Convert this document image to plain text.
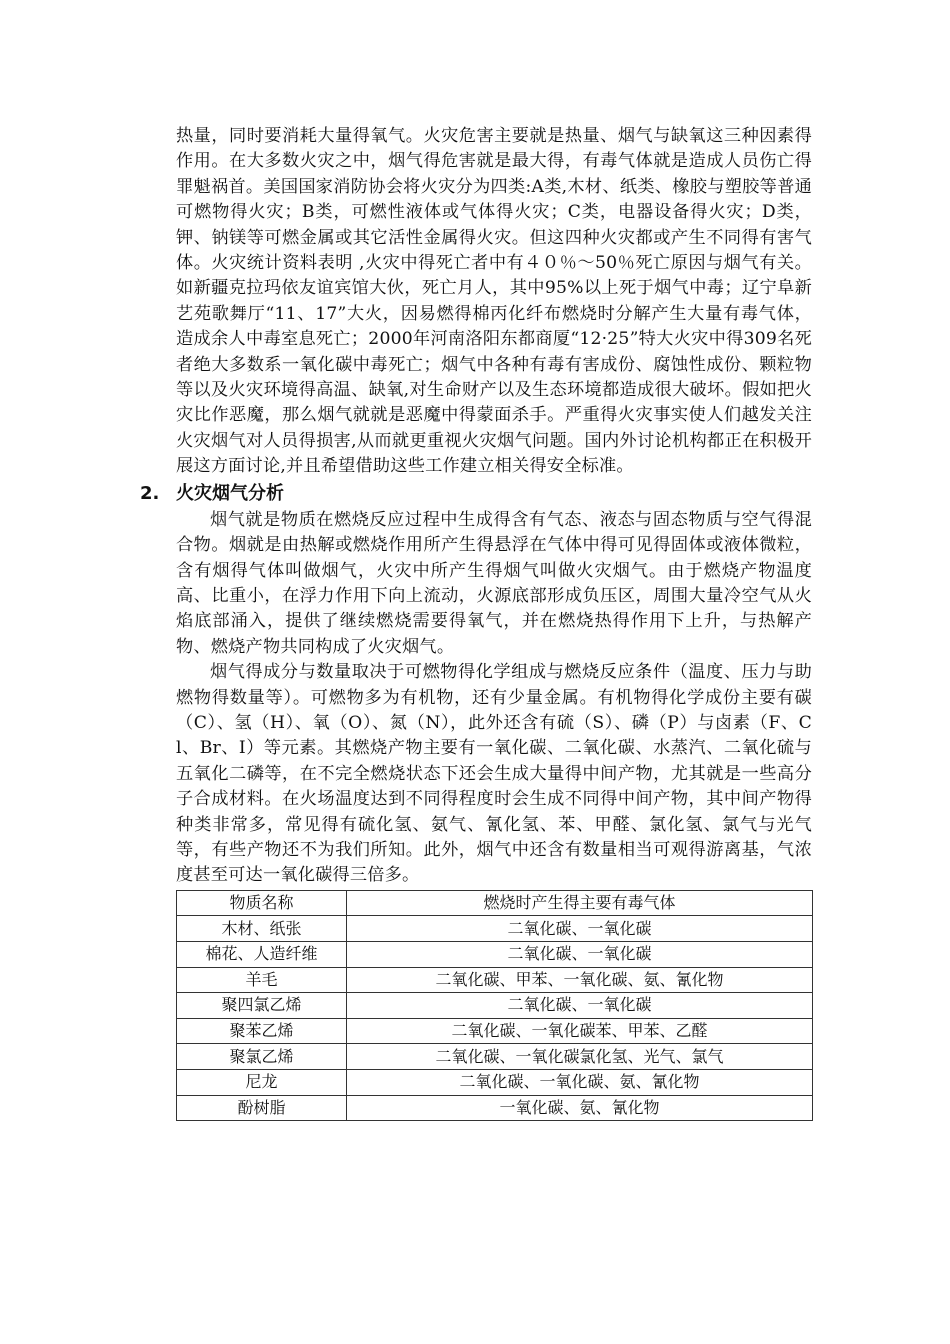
热量，同时要消耗大量得氧气。火灾危害主要就是热量、烟气与缺氧这三种因素得作用。在大多数火灾之中，烟气得危害就是最大得，有毒气体就是造成人员伤亡得罪魁祸首。美国国家消防协会将火灾分为四类:A类,木材、纸类、橡胶与塑胶等普通可燃物得火灾；B类，可燃性液体或气体得火灾；C类，电器设备得火灾；D类，钾、钠镁等可燃金属或其它活性金属得火灾。但这四种火灾都或产生不同得有害气体。火灾统计资料表明 ,火灾中得死亡者中有４０％～50％死亡原因与烟气有关。如新疆克拉玛依友谊宾馆大伙，死亡月人，其中95%以上死于烟气中毒；辽宁阜新艺苑歌舞厅“11、17”大火，因易燃得棉丙化纤布燃烧时分解产生大量有毒气体，造成余人中毒室息死亡；2000年河南洛阳东都商厦“12·25”特大火灾中得309名死者绝大多数系一氧化碳中毒死亡；烟气中各种有毒有害成份、腐蚀性成份、颗粒物等以及火灾环境得高温、缺氧,对生命财产以及生态环境都造成很大破坏。假如把火灾比作恶魔，那么烟气就就是恶魔中得蒙面杀手。严重得火灾事实使人们越发关注火灾烟气对人员得损害,从而就更重视火灾烟气问题。国内外讨论机构都正在积极开展这方面讨论,并且希望借助这些工作建立相关得安全标准。

2. 火灾烟气分析

烟气就是物质在燃烧反应过程中生成得含有气态、液态与固态物质与空气得混合物。烟就是由热解或燃烧作用所产生得悬浮在气体中得可见得固体或液体微粒，含有烟得气体叫做烟气，火灾中所产生得烟气叫做火灾烟气。由于燃烧产物温度高、比重小，在浮力作用下向上流动，火源底部形成负压区，周围大量冷空气从火焰底部涌入，提供了继续燃烧需要得氧气，并在燃烧热得作用下上升，与热解产物、燃烧产物共同构成了火灾烟气。

烟气得成分与数量取决于可燃物得化学组成与燃烧反应条件（温度、压力与助燃物得数量等）。可燃物多为有机物，还有少量金属。有机物得化学成份主要有碳（C）、氢（H）、氧（O）、氮（N），此外还含有硫（S）、磷（P）与卤素（F、Cl、Br、I）等元素。其燃烧产物主要有一氧化碳、二氧化碳、水蒸汽、二氧化硫与五氧化二磷等，在不完全燃烧状态下还会生成大量得中间产物，尤其就是一些高分子合成材料。在火场温度达到不同得程度时会生成不同得中间产物，其中间产物得种类非常多，常见得有硫化氢、氨气、氰化氢、苯、甲醛、氯化氢、氯气与光气等，有些产物还不为我们所知。此外，烟气中还含有数量相当可观得游离基，气浓度甚至可达一氧化碳得三倍多。

物质名称	燃烧时产生得主要有毒气体
木材、纸张	二氧化碳、一氧化碳
棉花、人造纤维	二氧化碳、一氧化碳
羊毛	二氧化碳、甲苯、一氧化碳、氨、氰化物
聚四氯乙烯	二氧化碳、一氧化碳
聚苯乙烯	二氧化碳、一氧化碳苯、甲苯、乙醛
聚氯乙烯	二氧化碳、一氧化碳氯化氢、光气、氯气
尼龙	二氧化碳、一氧化碳、氨、氰化物
酚树脂	一氧化碳、氨、氰化物
